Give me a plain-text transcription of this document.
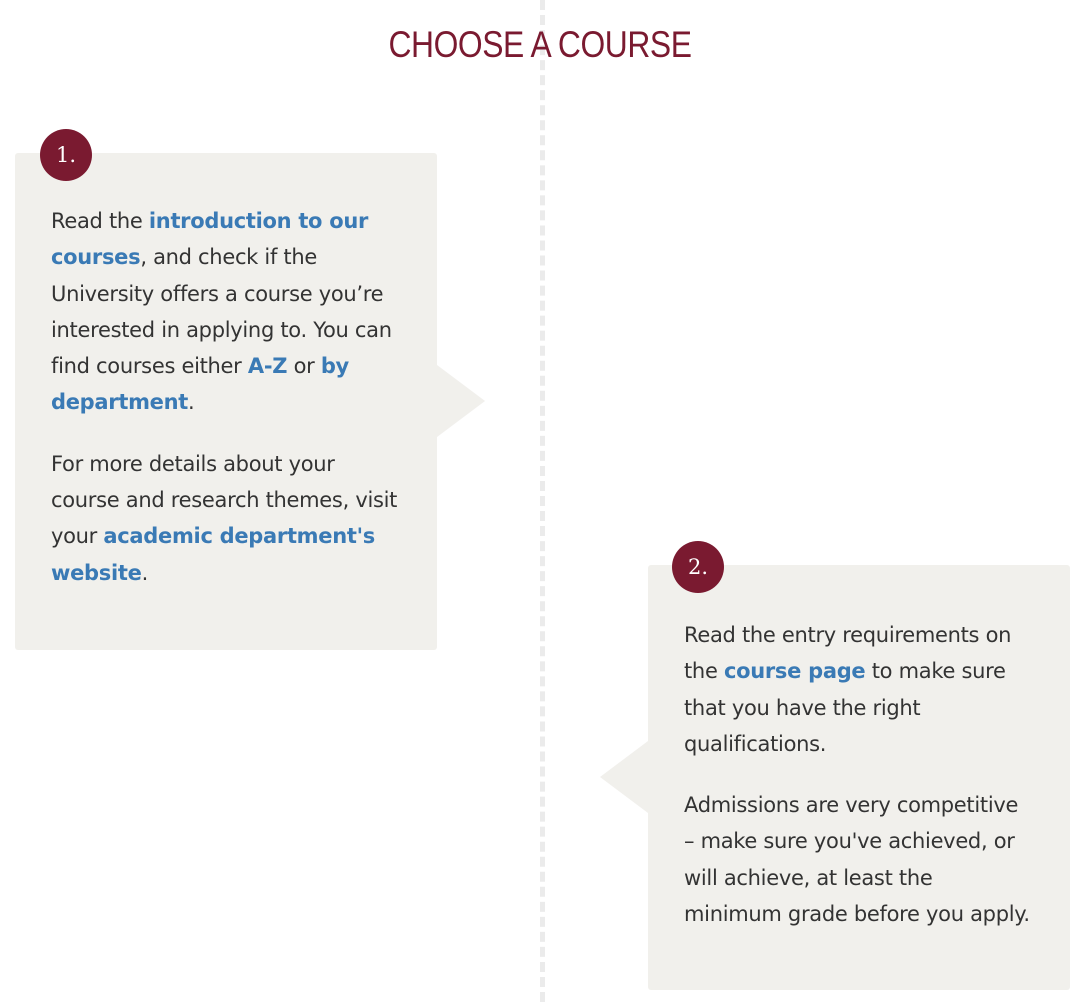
CHOOSE A COURSE
1.

Read the introduction to our courses, and check if the University offers a course you’re interested in applying to. You can find courses either A-Z or by department.

For more details about your course and research themes, visit your academic department's website.	2.

Read the entry requirements on the course page to make sure that you have the right qualifications.

Admissions are very competitive – make sure you've achieved, or will achieve, at least the minimum grade before you apply.
